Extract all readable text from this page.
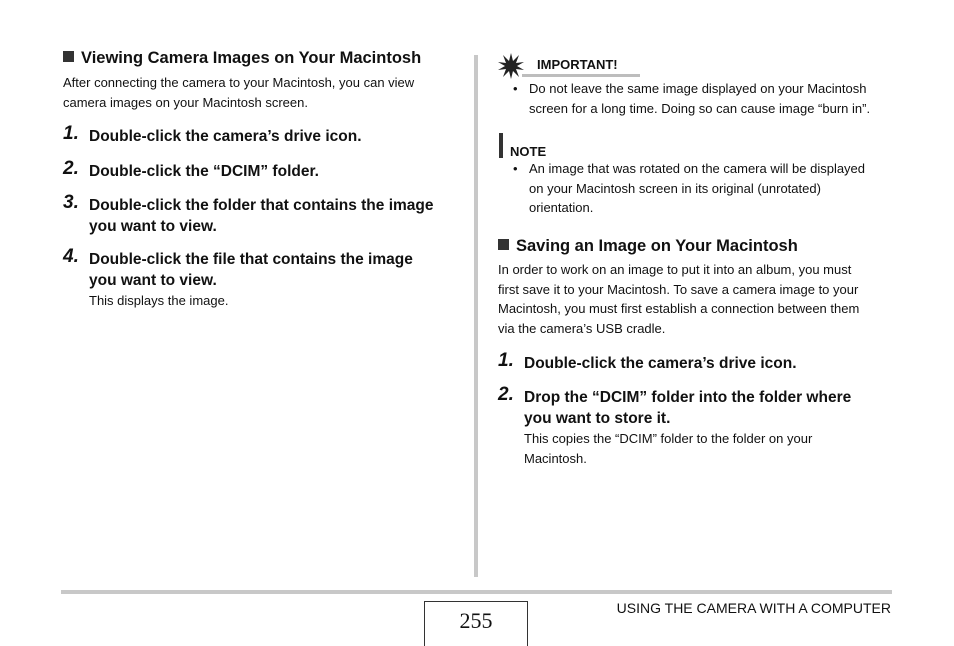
Viewing Camera Images on Your Macintosh
After connecting the camera to your Macintosh, you can view
camera images on your Macintosh screen.
1. Double-click the camera’s drive icon.
2. Double-click the “DCIM” folder.
3. Double-click the folder that contains the image
you want to view.
4. Double-click the file that contains the image
you want to view.
This displays the image.
IMPORTANT!
• Do not leave the same image displayed on your Macintosh
screen for a long time. Doing so can cause image “burn in”.
NOTE
• An image that was rotated on the camera will be displayed
on your Macintosh screen in its original (unrotated)
orientation.
Saving an Image on Your Macintosh
In order to work on an image to put it into an album, you must
first save it to your Macintosh. To save a camera image to your
Macintosh, you must first establish a connection between them
via the camera’s USB cradle.
1. Double-click the camera’s drive icon.
2. Drop the “DCIM” folder into the folder where
you want to store it.
This copies the “DCIM” folder to the folder on your
Macintosh.
255	USING THE CAMERA WITH A COMPUTER
